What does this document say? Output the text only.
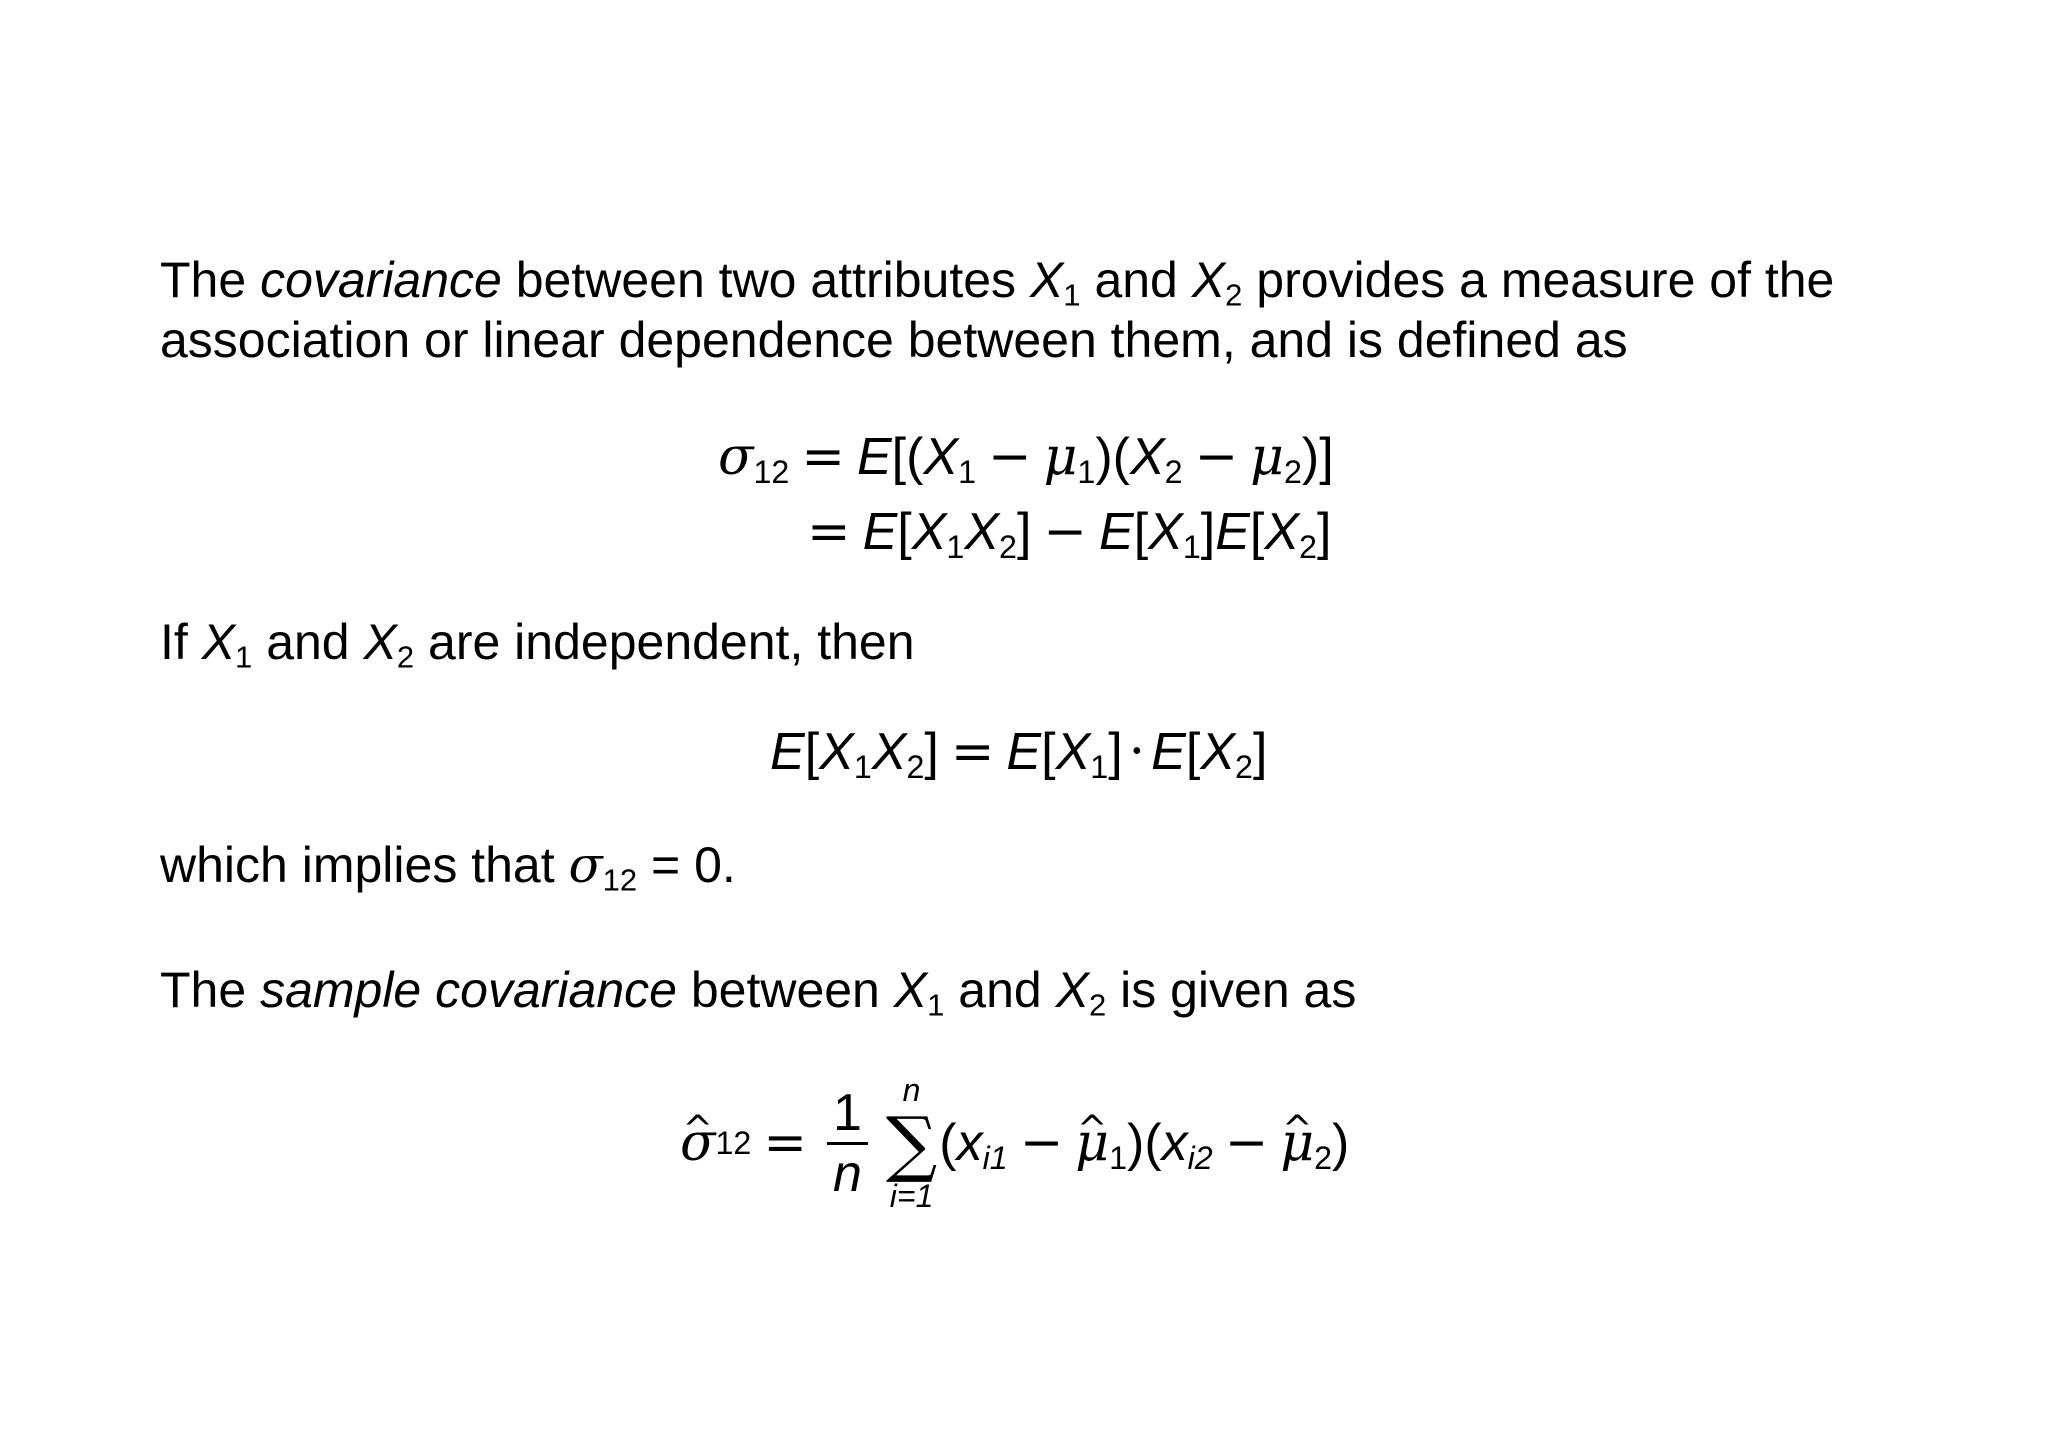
The covariance between two attributes $X_1$ and $X_2$ provides a measure of the
association or linear dependence between them, and is defined as
$\sigma_{12} = E[(X_1 - \mu_1)(X_2 - \mu_2)]$
= $E[X_1X_2] - E[X_1]E[X_2]$
If $X_1$ and $X_2$ are independent, then
$E[X_1X_2] = E[X_1] \cdot E[X_2]$
which implies that $\sigma_{12} = 0$.
The sample covariance between $X_1$ and $X_2$ is given as
^ σ $12 = \frac{1}{n}$ n
∑
i=1
($x_{i1}$ − ^ $\mu_1)(x_{i2}$ − ^ $\mu_2$)
